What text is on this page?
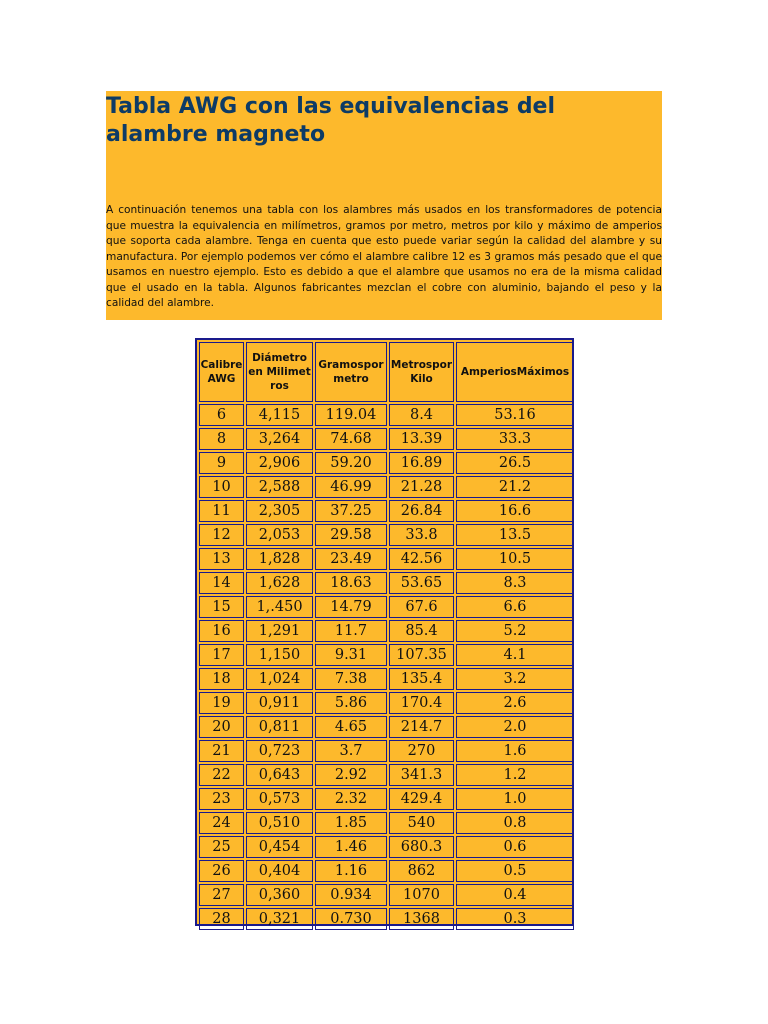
Tabla AWG con las equivalencias del alambre magneto

A continuación tenemos una tabla con los alambres más usados en los transformadores de potencia que muestra la equivalencia en milímetros, gramos por metro, metros por kilo y máximo de amperios que soporta cada alambre. Tenga en cuenta que esto puede variar según la calidad del alambre y su manufactura. Por ejemplo podemos ver cómo el alambre calibre 12 es 3 gramos más pesado que el que usamos en nuestro ejemplo. Esto es debido a que el alambre que usamos no era de la misma calidad que el usado en la tabla. Algunos fabricantes mezclan el cobre con aluminio, bajando el peso y la calidad del alambre.

Calibre AWG	Diámetro en Milimetros	Gramospor metro	Metrospor Kilo	AmperiosMáximos
6	4,115	119.04	8.4	53.16
8	3,264	74.68	13.39	33.3
9	2,906	59.20	16.89	26.5
10	2,588	46.99	21.28	21.2
11	2,305	37.25	26.84	16.6
12	2,053	29.58	33.8	13.5
13	1,828	23.49	42.56	10.5
14	1,628	18.63	53.65	8.3
15	1,.450	14.79	67.6	6.6
16	1,291	11.7	85.4	5.2
17	1,150	9.31	107.35	4.1
18	1,024	7.38	135.4	3.2
19	0,911	5.86	170.4	2.6
20	0,811	4.65	214.7	2.0
21	0,723	3.7	270	1.6
22	0,643	2.92	341.3	1.2
23	0,573	2.32	429.4	1.0
24	0,510	1.85	540	0.8
25	0,454	1.46	680.3	0.6
26	0,404	1.16	862	0.5
27	0,360	0.934	1070	0.4
28	0,321	0.730	1368	0.3
